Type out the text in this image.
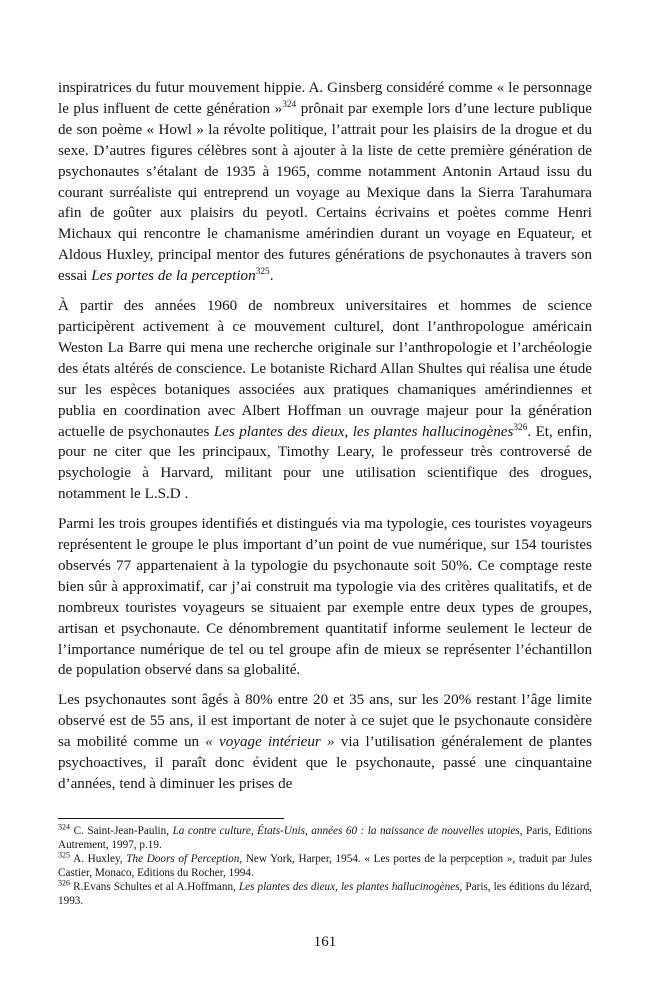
inspiratrices du futur mouvement hippie. A. Ginsberg considéré comme « le personnage le plus influent de cette génération »$^{324}$ prônait par exemple lors d’une lecture publique de son poème « Howl » la révolte politique, l’attrait pour les plaisirs de la drogue et du sexe. D’autres figures célèbres sont à ajouter à la liste de cette première génération de psychonautes s’étalant de 1935 à 1965, comme notamment Antonin Artaud issu du courant surréaliste qui entreprend un voyage au Mexique dans la Sierra Tarahumara afin de goûter aux plaisirs du peyotl. Certains écrivains et poètes comme Henri Michaux qui rencontre le chamanisme amérindien durant un voyage en Equateur, et Aldous Huxley, principal mentor des futures générations de psychonautes à travers son essai Les portes de la perception$^{325}$.

À partir des années 1960 de nombreux universitaires et hommes de science participèrent activement à ce mouvement culturel, dont l’anthropologue américain Weston La Barre qui mena une recherche originale sur l’anthropologie et l’archéologie des états altérés de conscience. Le botaniste Richard Allan Shultes qui réalisa une étude sur les espèces botaniques associées aux pratiques chamaniques amérindiennes et publia en coordination avec Albert Hoffman un ouvrage majeur pour la génération actuelle de psychonautes Les plantes des dieux, les plantes hallucinogènes$^{326}$. Et, enfin, pour ne citer que les principaux, Timothy Leary, le professeur très controversé de psychologie à Harvard, militant pour une utilisation scientifique des drogues, notamment le L.S.D .

Parmi les trois groupes identifiés et distingués via ma typologie, ces touristes voyageurs représentent le groupe le plus important d’un point de vue numérique, sur 154 touristes observés 77 appartenaient à la typologie du psychonaute soit 50%. Ce comptage reste bien sûr à approximatif, car j’ai construit ma typologie via des critères qualitatifs, et de nombreux touristes voyageurs se situaient par exemple entre deux types de groupes, artisan et psychonaute. Ce dénombrement quantitatif informe seulement le lecteur de l’importance numérique de tel ou tel groupe afin de mieux se représenter l’échantillon de population observé dans sa globalité.

Les psychonautes sont âgés à 80% entre 20 et 35 ans, sur les 20% restant l’âge limite observé est de 55 ans, il est important de noter à ce sujet que le psychonaute considère sa mobilité comme un « voyage intérieur » via l’utilisation généralement de plantes psychoactives, il paraît donc évident que le psychonaute, passé une cinquantaine d’années, tend à diminuer les prises de

$^{324}$ C. Saint-Jean-Paulin, La contre culture, États-Unis, années 60 : la naissance de nouvelles utopies, Paris, Editions Autrement, 1997, p.19.

$^{325}$ A. Huxley, The Doors of Perception, New York, Harper, 1954. « Les portes de la perpception », traduit par Jules Castier, Monaco, Editions du Rocher, 1994.

$^{326}$ R.Evans Schultes et al A.Hoffmann, Les plantes des dieux, les plantes hallucinogènes, Paris, les éditions du lézard, 1993.

161
